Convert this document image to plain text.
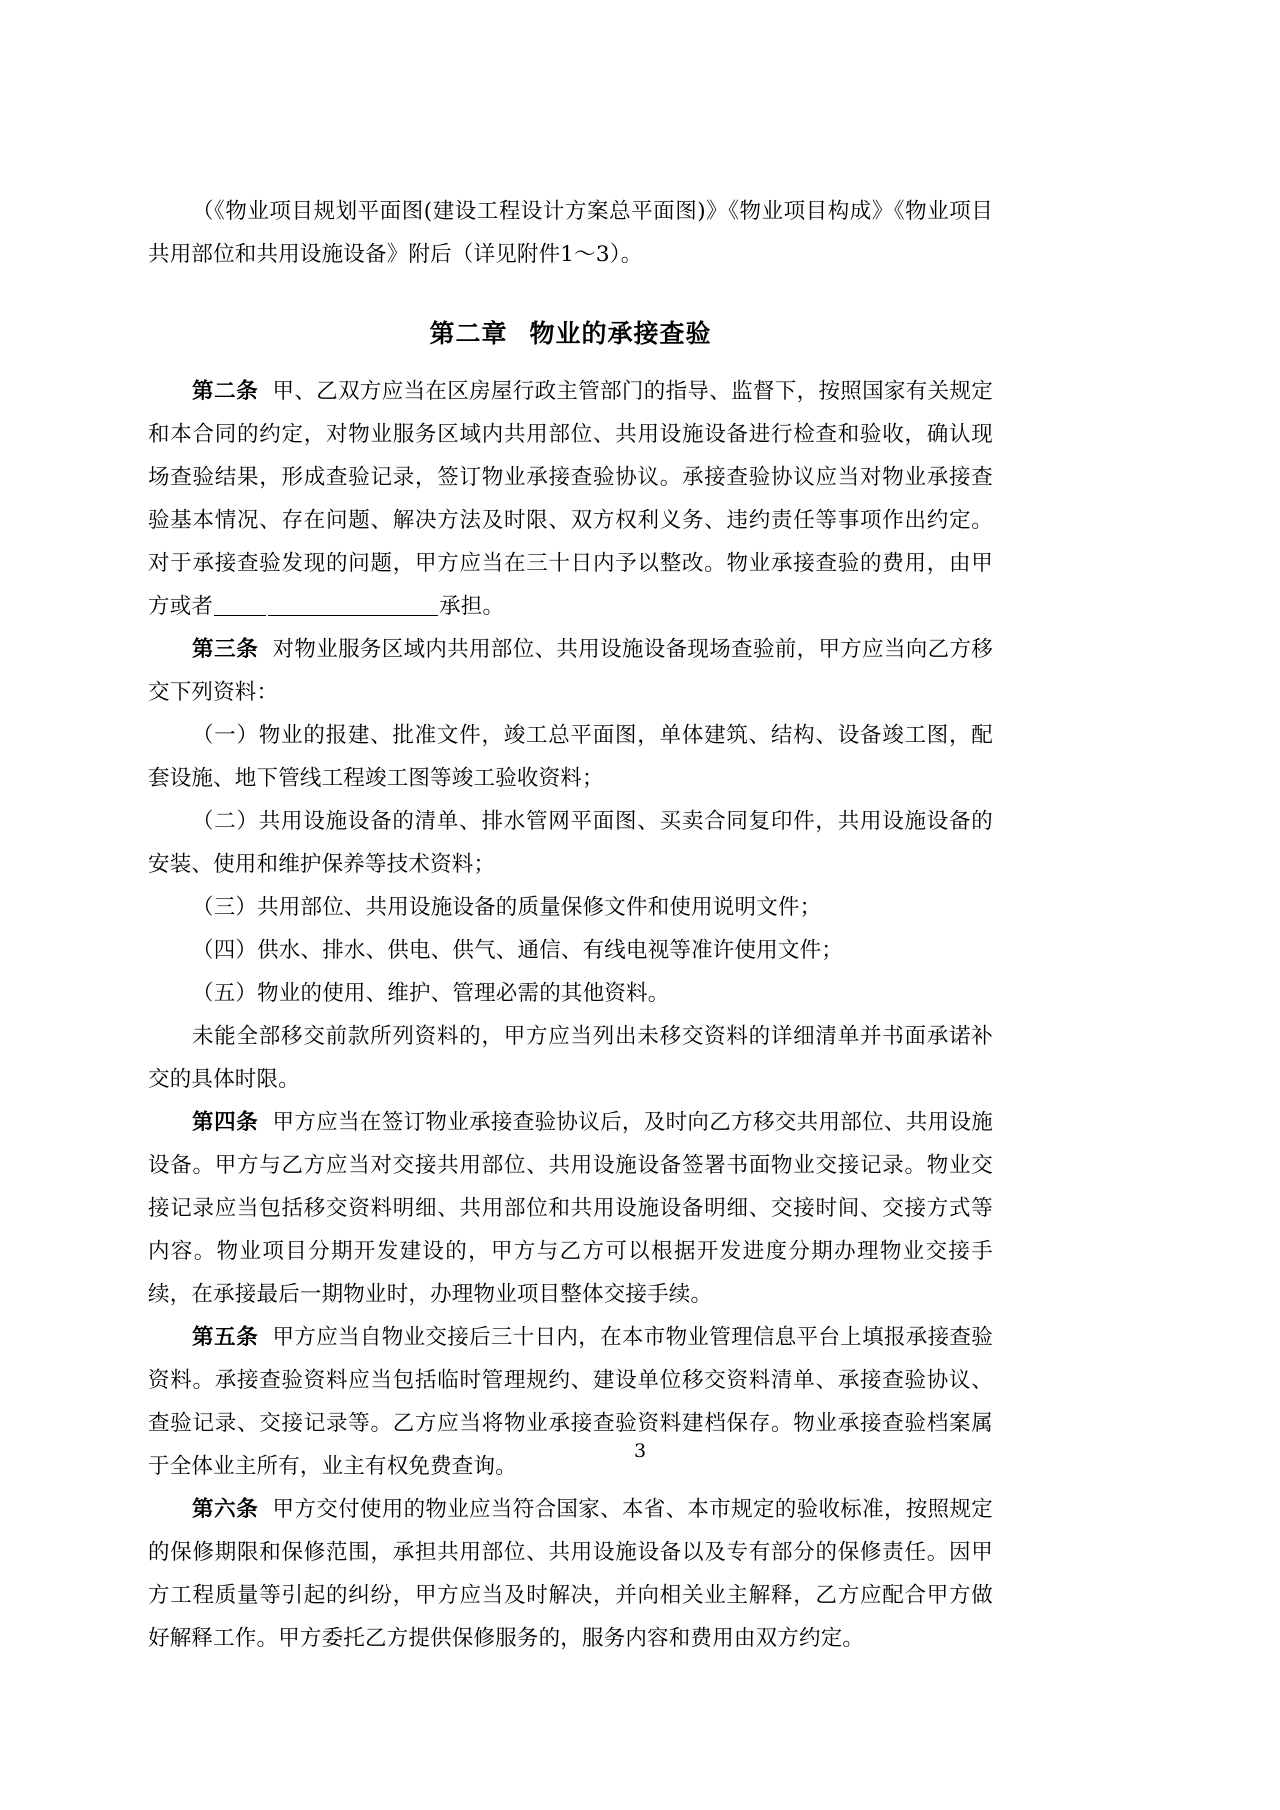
（《物业项目规划平面图(建设工程设计方案总平面图)》《物业项目构成》《物业项目共用部位和共用设施设备》附后（详见附件1～3）。

第二章 物业的承接查验

第二条 甲、乙双方应当在区房屋行政主管部门的指导、监督下，按照国家有关规定和本合同的约定，对物业服务区域内共用部位、共用设施设备进行检查和验收，确认现场查验结果，形成查验记录，签订物业承接查验协议。承接查验协议应当对物业承接查验基本情况、存在问题、解决方法及时限、双方权利义务、违约责任等事项作出约定。对于承接查验发现的问题，甲方应当在三十日内予以整改。物业承接查验的费用，由甲方或者	承担。

第三条 对物业服务区域内共用部位、共用设施设备现场查验前，甲方应当向乙方移交下列资料：

（一）物业的报建、批准文件，竣工总平面图，单体建筑、结构、设备竣工图，配套设施、地下管线工程竣工图等竣工验收资料；

（二）共用设施设备的清单、排水管网平面图、买卖合同复印件，共用设施设备的安装、使用和维护保养等技术资料；

（三）共用部位、共用设施设备的质量保修文件和使用说明文件；

（四）供水、排水、供电、供气、通信、有线电视等准许使用文件；

（五）物业的使用、维护、管理必需的其他资料。

未能全部移交前款所列资料的，甲方应当列出未移交资料的详细清单并书面承诺补交的具体时限。

第四条 甲方应当在签订物业承接查验协议后，及时向乙方移交共用部位、共用设施设备。甲方与乙方应当对交接共用部位、共用设施设备签署书面物业交接记录。物业交接记录应当包括移交资料明细、共用部位和共用设施设备明细、交接时间、交接方式等内容。物业项目分期开发建设的，甲方与乙方可以根据开发进度分期办理物业交接手续，在承接最后一期物业时，办理物业项目整体交接手续。

第五条 甲方应当自物业交接后三十日内，在本市物业管理信息平台上填报承接查验资料。承接查验资料应当包括临时管理规约、建设单位移交资料清单、承接查验协议、查验记录、交接记录等。乙方应当将物业承接查验资料建档保存。物业承接查验档案属于全体业主所有，业主有权免费查询。

第六条 甲方交付使用的物业应当符合国家、本省、本市规定的验收标准，按照规定的保修期限和保修范围，承担共用部位、共用设施设备以及专有部分的保修责任。因甲方工程质量等引起的纠纷，甲方应当及时解决，并向相关业主解释，乙方应配合甲方做好解释工作。甲方委托乙方提供保修服务的，服务内容和费用由双方约定。

3
